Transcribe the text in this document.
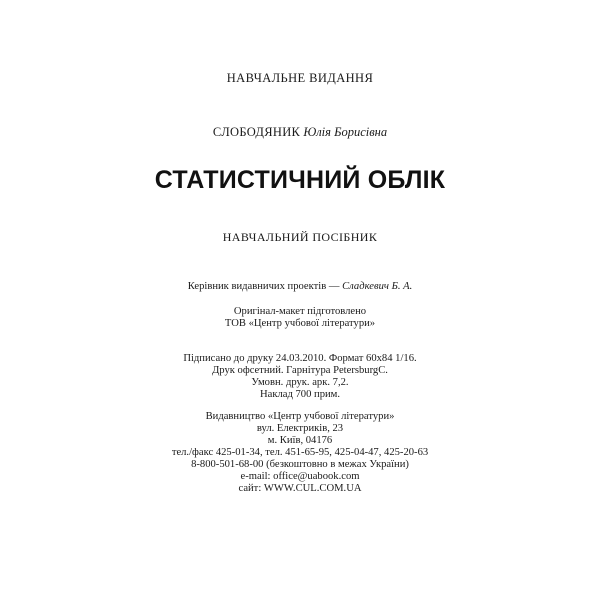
НАВЧАЛЬНЕ ВИДАННЯ
СЛОБОДЯНИК Юлія Борисівна
СТАТИСТИЧНИЙ ОБЛІК
НАВЧАЛЬНИЙ ПОСІБНИК
Керівник видавничих проектів — Сладкевич Б. А.
Оригінал-макет підготовлено
ТОВ «Центр учбової літератури»
Підписано до друку 24.03.2010. Формат 60x84 1/16.
Друк офсетний. Гарнітура PetersburgC.
Умовн. друк. арк. 7,2.
Наклад 700 прим.
Видавництво «Центр учбової літератури»
вул. Електриків, 23
м. Київ, 04176
тел./факс 425-01-34, тел. 451-65-95, 425-04-47, 425-20-63
8-800-501-68-00 (безкоштовно в межах України)
e-mail: office@uabook.com
сайт: WWW.CUL.COM.UA
